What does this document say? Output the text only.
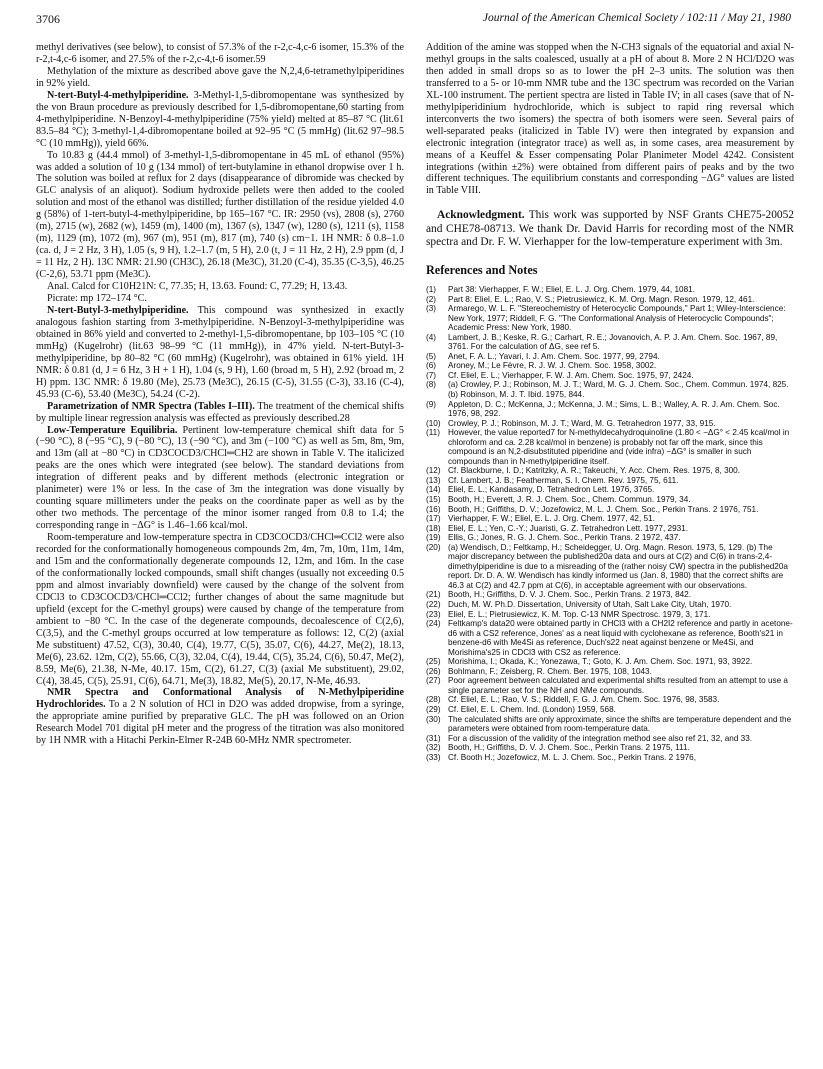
3706	Journal of the American Chemical Society / 102:11 / May 21, 1980

methyl derivatives (see below), to consist of 57.3% of the r-2,c-4,c-6 isomer, 15.3% of the r-2,t-4,c-6 isomer, and 27.5% of the r-2,c-4,t-6 isomer.59

Methylation of the mixture as described above gave the N,2,4,6-tetramethylpiperidines in 92% yield.

N-tert-Butyl-4-methylpiperidine. 3-Methyl-1,5-dibromopentane was synthesized by the von Braun procedure as previously described for 1,5-dibromopentane,60 starting from 4-methylpiperidine. N-Benzoyl-4-methylpiperidine (75% yield) melted at 85–87 °C (lit.61 83.5–84 °C); 3-methyl-1,4-dibromopentane boiled at 92–95 °C (5 mmHg) (lit.62 97–98.5 °C (10 mmHg)), yield 66%.

To 10.83 g (44.4 mmol) of 3-methyl-1,5-dibromopentane in 45 mL of ethanol (95%) was added a solution of 10 g (134 mmol) of tert-butylamine in ethanol dropwise over 1 h. The solution was boiled at reflux for 2 days (disappearance of dibromide was checked by GLC analysis of an aliquot). Sodium hydroxide pellets were then added to the cooled solution and most of the ethanol was distilled; further distillation of the residue yielded 4.0 g (58%) of 1-tert-butyl-4-methylpiperidine, bp 165–167 °C. IR: 2950 (vs), 2808 (s), 2760 (m), 2715 (w), 2682 (w), 1459 (m), 1400 (m), 1367 (s), 1347 (w), 1280 (s), 1211 (s), 1158 (m), 1129 (m), 1072 (m), 967 (m), 951 (m), 817 (m), 740 (s) cm−1. 1H NMR: δ 0.8–1.0 (ca. d, J = 2 Hz, 3 H), 1.05 (s, 9 H), 1.2–1.7 (m, 5 H), 2.0 (t, J = 11 Hz, 2 H), 2.9 ppm (d, J = 11 Hz, 2 H). 13C NMR: 21.90 (CH3C), 26.18 (Me3C), 31.20 (C-4), 35.35 (C-3,5), 46.25 (C-2,6), 53.71 ppm (Me3C).

Anal. Calcd for C10H21N: C, 77.35; H, 13.63. Found: C, 77.29; H, 13.43.

Picrate: mp 172–174 °C.

N-tert-Butyl-3-methylpiperidine. This compound was synthesized in exactly analogous fashion starting from 3-methylpiperidine. N-Benzoyl-3-methylpiperidine was obtained in 86% yield and converted to 2-methyl-1,5-dibromopentane, bp 103–105 °C (10 mmHg) (Kugelrohr) (lit.63 98–99 °C (11 mmHg)), in 47% yield. N-tert-Butyl-3-methylpiperidine, bp 80–82 °C (60 mmHg) (Kugelrohr), was obtained in 61% yield. 1H NMR: δ 0.81 (d, J = 6 Hz, 3 H + 1 H), 1.04 (s, 9 H), 1.60 (broad m, 5 H), 2.92 (broad m, 2 H) ppm. 13C NMR: δ 19.80 (Me), 25.73 (Me3C), 26.15 (C-5), 31.55 (C-3), 33.16 (C-4), 45.93 (C-6), 53.40 (Me3C), 54.24 (C-2).

Parametrization of NMR Spectra (Tables I–III). The treatment of the chemical shifts by multiple linear regression analysis was effected as previously described.28

Low-Temperature Equilibria. Pertinent low-temperature chemical shift data for 5 (−90 °C), 8 (−95 °C), 9 (−80 °C), 13 (−90 °C), and 3m (−100 °C) as well as 5m, 8m, 9m, and 13m (all at −80 °C) in CD3COCD3/CHCl═CH2 are shown in Table V. The italicized peaks are the ones which were integrated (see below). The standard deviations from integration of different peaks and by different methods (electronic integration or planimeter) were 1% or less. In the case of 3m the integration was done visually by counting square millimeters under the peaks on the coordinate paper as well as by the other two methods. The percentage of the minor isomer ranged from 0.8 to 1.4; the corresponding range in −ΔG° is 1.46–1.66 kcal/mol.

Room-temperature and low-temperature spectra in CD3COCD3/CHCl═CCl2 were also recorded for the conformationally homogeneous compounds 2m, 4m, 7m, 10m, 11m, 14m, and 15m and the conformationally degenerate compounds 12, 12m, and 16m. In the case of the conformationally locked compounds, small shift changes (usually not exceeding 0.5 ppm and almost invariably downfield) were caused by the change of the solvent from CDCl3 to CD3COCD3/CHCl═CCl2; further changes of about the same magnitude but upfield (except for the C-methyl groups) were caused by change of the temperature from ambient to −80 °C. In the case of the degenerate compounds, decoalescence of C(2,6), C(3,5), and the C-methyl groups occurred at low temperature as follows: 12, C(2) (axial Me substituent) 47.52, C(3), 30.40, C(4), 19.77, C(5), 35.07, C(6), 44.27, Me(2), 18.13, Me(6), 23.62. 12m, C(2), 55.66, C(3), 32.04, C(4), 19.44, C(5), 35.24, C(6), 50.47, Me(2), 8.59, Me(6), 21.38, N-Me, 40.17. 15m, C(2), 61.27, C(3) (axial Me substituent), 29.02, C(4), 38.45, C(5), 25.91, C(6), 64.71, Me(3), 18.82, Me(5), 20.17, N-Me, 46.93.

NMR Spectra and Conformational Analysis of N-Methylpiperidine Hydrochlorides. To a 2 N solution of HCl in D2O was added dropwise, from a syringe, the appropriate amine purified by preparative GLC. The pH was followed on an Orion Research Model 701 digital pH meter and the progress of the titration was also monitored by 1H NMR with a Hitachi Perkin-Elmer R-24B 60-MHz NMR spectrometer.

Addition of the amine was stopped when the N-CH3 signals of the equatorial and axial N-methyl groups in the salts coalesced, usually at a pH of about 8. More 2 N HCl/D2O was then added in small drops so as to lower the pH 2–3 units. The solution was then transferred to a 5- or 10-mm NMR tube and the 13C spectrum was recorded on the Varian XL-100 instrument. The pertient spectra are listed in Table IV; in all cases (save that of N-methylpiperidinium hydrochloride, which is subject to rapid ring reversal which interconverts the two isomers) the spectra of both isomers were seen. Several pairs of well-separated peaks (italicized in Table IV) were then integrated by expansion and electronic integration (integrator trace) as well as, in some cases, area measurement by means of a Keuffel & Esser compensating Polar Planimeter Model 4242. Consistent integrations (within ±2%) were obtained from different pairs of peaks and by the two different techniques. The equilibrium constants and corresponding −ΔG° values are listed in Table VIII.

Acknowledgment. This work was supported by NSF Grants CHE75-20052 and CHE78-08713. We thank Dr. David Harris for recording most of the NMR spectra and Dr. F. W. Vierhapper for the low-temperature experiment with 3m.

References and Notes
(1) Part 38: Vierhapper, F. W.; Eliel, E. L. J. Org. Chem. 1979, 44, 1081.
(2) Part 8: Eliel, E. L.; Rao, V. S.; Pietrusiewicz, K. M. Org. Magn. Reson. 1979, 12, 461.
(3) Armarego, W. L. F. "Stereochemistry of Heterocyclic Compounds," Part 1; Wiley-Interscience: New York, 1977; Riddell, F. G. "The Conformational Analysis of Heterocyclic Compounds"; Academic Press: New York, 1980.
(4) Lambert, J. B.; Keske, R. G.; Carhart, R. E.; Jovanovich, A. P. J. Am. Chem. Soc. 1967, 89, 3761. For the calculation of ΔG, see ref 5.
(5) Anet, F. A. L.; Yavari, I. J. Am. Chem. Soc. 1977, 99, 2794.
(6) Aroney, M.; Le Fèvre, R. J. W. J. Chem. Soc. 1958, 3002.
(7) Cf. Eliel, E. L.; Vierhapper, F. W. J. Am. Chem. Soc. 1975, 97, 2424.
(8) (a) Crowley, P. J.; Robinson, M. J. T.; Ward, M. G. J. Chem. Soc., Chem. Commun. 1974, 825. (b) Robinson, M. J. T. Ibid. 1975, 844.
(9) Appleton, D. C.; McKenna, J.; McKenna, J. M.; Sims, L. B.; Walley, A. R. J. Am. Chem. Soc. 1976, 98, 292.
(10) Crowley, P. J.; Robinson, M. J. T.; Ward, M. G. Tetrahedron 1977, 33, 915.
(11) However, the value reported7 for N-methyldecahydroquinoline (1.80 < −ΔG° < 2.45 kcal/mol in chloroform and ca. 2.28 kcal/mol in benzene) is probably not far off the mark, since this compound is an N,2-disubstituted piperidine and (vide infra) −ΔG° is smaller in such compounds than in N-methylpiperidine itself.
(12) Cf. Blackburne, I. D.; Katritzky, A. R.; Takeuchi, Y. Acc. Chem. Res. 1975, 8, 300.
(13) Cf. Lambert, J. B.; Featherman, S. I. Chem. Rev. 1975, 75, 611.
(14) Eliel, E. L.; Kandasamy, D. Tetrahedron Lett. 1976, 3765.
(15) Booth, H.; Everett, J. R. J. Chem. Soc., Chem. Commun. 1979, 34.
(16) Booth, H.; Griffiths, D. V.; Jozefowicz, M. L. J. Chem. Soc., Perkin Trans. 2 1976, 751.
(17) Vierhapper, F. W.; Eliel, E. L. J. Org. Chem. 1977, 42, 51.
(18) Eliel, E. L.; Yen, C.-Y.; Juaristi, G. Z. Tetrahedron Lett. 1977, 2931.
(19) Ellis, G.; Jones, R. G. J. Chem. Soc., Perkin Trans. 2 1972, 437.
(20) (a) Wendisch, D.; Feltkamp, H.; Scheidegger, U. Org. Magn. Reson. 1973, 5, 129. (b) The major discrepancy between the published20a data and ours at C(2) and C(6) in trans-2,4-dimethylpiperidine is due to a misreading of the (rather noisy CW) spectra in the published20a report. Dr. D. A. W. Wendisch has kindly informed us (Jan. 8, 1980) that the correct shifts are 46.3 at C(2) and 42.7 ppm at C(6), in acceptable agreement with our observations.
(21) Booth, H.; Griffiths, D. V. J. Chem. Soc., Perkin Trans. 2 1973, 842.
(22) Duch, M. W. Ph.D. Dissertation, University of Utah, Salt Lake City, Utah, 1970.
(23) Eliel, E. L.; Pietrusiewicz, K. M. Top. C-13 NMR Spectrosc. 1979, 3, 171.
(24) Feltkamp's data20 were obtained partly in CHCl3 with a CH2I2 reference and partly in acetone-d6 with a CS2 reference, Jones' as a neat liquid with cyclohexane as reference, Booth's21 in benzene-d6 with Me4Si as reference, Duch's22 neat against benzene or Me4Si, and Morishima's25 in CDCl3 with CS2 as reference.
(25) Morishima, I.; Okada, K.; Yonezawa, T.; Goto, K. J. Am. Chem. Soc. 1971, 93, 3922.
(26) Bohlmann, F.; Zeisberg, R. Chem. Ber. 1975, 108, 1043.
(27) Poor agreement between calculated and experimental shifts resulted from an attempt to use a single parameter set for the NH and NMe compounds.
(28) Cf. Eliel, E. L.; Rao, V. S.; Riddell, F. G. J. Am. Chem. Soc. 1976, 98, 3583.
(29) Cf. Eliel, E. L. Chem. Ind. (London) 1959, 568.
(30) The calculated shifts are only approximate, since the shifts are temperature dependent and the parameters were obtained from room-temperature data.
(31) For a discussion of the validity of the integration method see also ref 21, 32, and 33.
(32) Booth, H.; Griffiths, D. V. J. Chem. Soc., Perkin Trans. 2 1975, 111.
(33) Cf. Booth H.; Jozefowicz, M. L. J. Chem. Soc., Perkin Trans. 2 1976,
